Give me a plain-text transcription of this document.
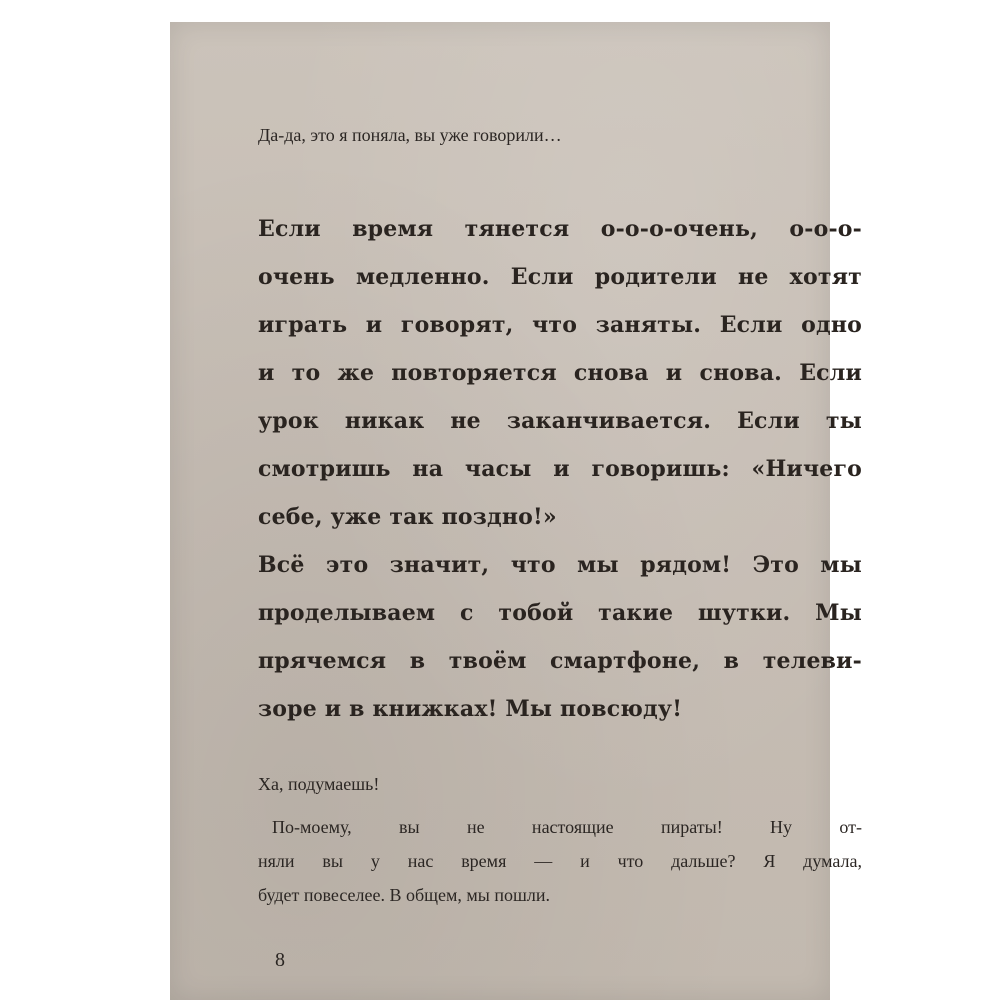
Да-да, это я поняла, вы уже говорили…
Если время тянется о-о-о-очень, о-о-о-
очень медленно. Если родители не хотят
играть и говорят, что заняты. Если одно
и то же повторяется снова и снова. Если
урок никак не заканчивается. Если ты
смотришь на часы и говоришь: «Ничего
себе, уже так поздно!»
Всё это значит, что мы рядом! Это мы
проделываем с тобой такие шутки. Мы
прячемся в твоём смартфоне, в телеви-
зоре и в книжках! Мы повсюду!
Ха, подумаешь!
По-моему, вы не настоящие пираты! Ну от-
няли вы у нас время — и что дальше? Я думала,
будет повеселее. В общем, мы пошли.
8
